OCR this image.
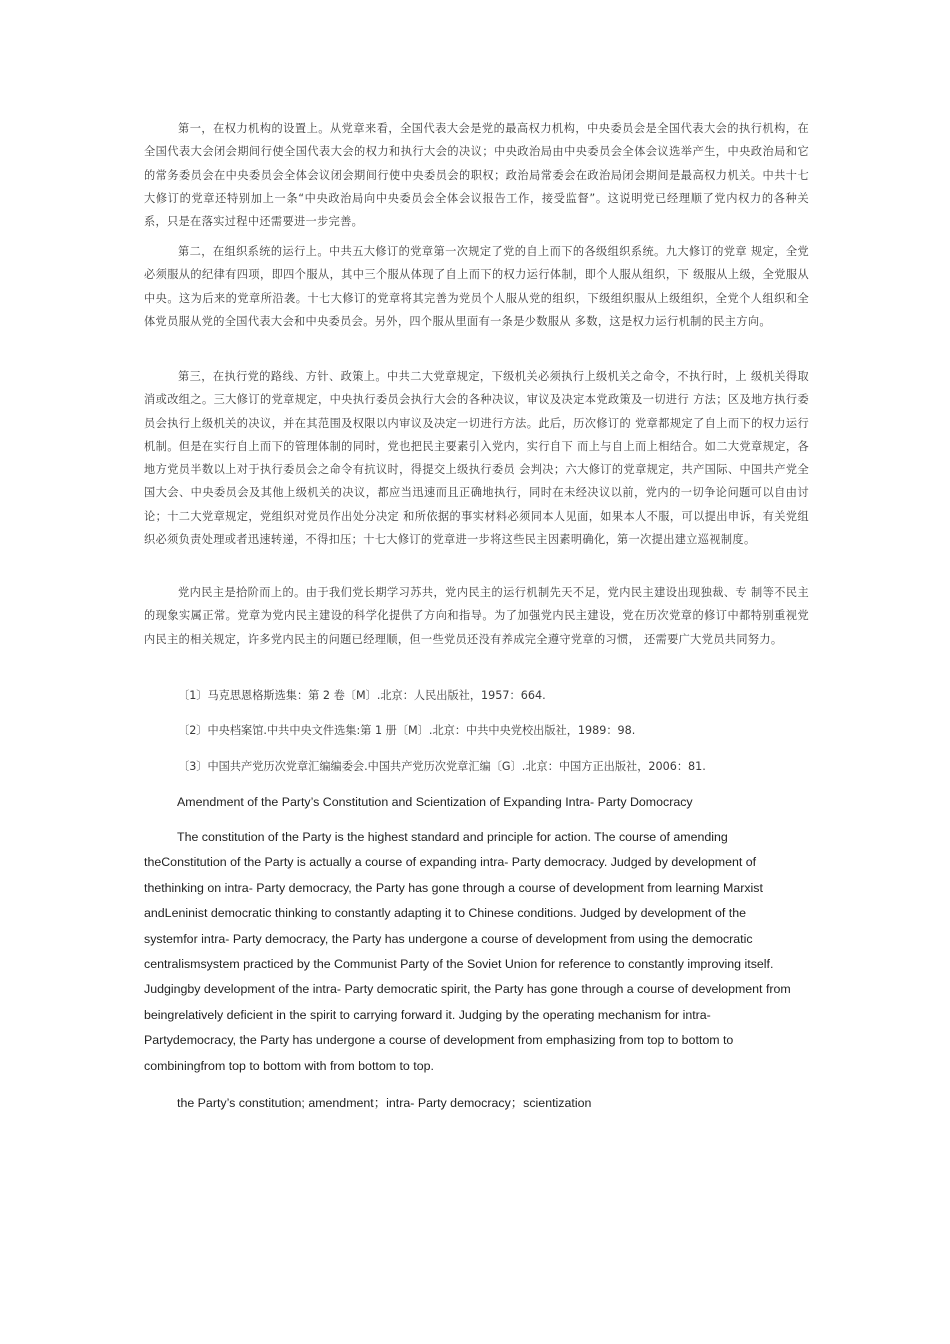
第一，在权力机构的设置上。从党章来看，全国代表大会是党的最高权力机构，中央委员会是全国代表大会的执行机构，在全国代表大会闭会期间行使全国代表大会的权力和执行大会的决议；中央政治局由中央委员会全体会议选举产生，中央政治局和它的常务委员会在中央委员会全体会议闭会期间行使中央委员会的职权；政治局常委会在政治局闭会期间是最高权力机关。中共十七大修订的党章还特别加上一条“中央政治局向中央委员会全体会议报告工作，接受监督”。这说明党已经理顺了党内权力的各种关系，只是在落实过程中还需要进一步完善。

第二，在组织系统的运行上。中共五大修订的党章第一次规定了党的自上而下的各级组织系统。九大修订的党章 规定，全党必须服从的纪律有四项，即四个服从，其中三个服从体现了自上而下的权力运行体制，即个人服从组织，下 级服从上级，全党服从中央。这为后来的党章所沿袭。十七大修订的党章将其完善为党员个人服从党的组织，下级组织服从上级组织，全党个人组织和全体党员服从党的全国代表大会和中央委员会。另外，四个服从里面有一条是少数服从 多数，这是权力运行机制的民主方向。

第三，在执行党的路线、方针、政策上。中共二大党章规定，下级机关必须执行上级机关之命令，不执行时，上 级机关得取消或改组之。三大修订的党章规定，中央执行委员会执行大会的各种决议，审议及决定本党政策及一切进行 方法；区及地方执行委员会执行上级机关的决议，并在其范围及权限以内审议及决定一切进行方法。此后，历次修订的 党章都规定了自上而下的权力运行机制。但是在实行自上而下的管理体制的同时，党也把民主要素引入党内，实行自下 而上与自上而上相结合。如二大党章规定，各地方党员半数以上对于执行委员会之命令有抗议时，得提交上级执行委员 会判决；六大修订的党章规定，共产国际、中国共产党全国大会、中央委员会及其他上级机关的决议，都应当迅速而且正确地执行，同时在未经决议以前，党内的一切争论问题可以自由讨论；十二大党章规定，党组织对党员作出处分决定 和所依据的事实材料必须同本人见面，如果本人不服，可以提出申诉，有关党组织必须负责处理或者迅速转递，不得扣压；十七大修订的党章进一步将这些民主因素明确化，第一次提出建立巡视制度。

党内民主是拾阶而上的。由于我们党长期学习苏共，党内民主的运行机制先天不足，党内民主建设出现独裁、专 制等不民主的现象实属正常。党章为党内民主建设的科学化提供了方向和指导。为了加强党内民主建设，党在历次党章的修订中都特别重视党内民主的相关规定，许多党内民主的问题已经理顺，但一些党员还没有养成完全遵守党章的习惯， 还需要广大党员共同努力。

〔1〕马克思恩格斯选集：第 2 卷〔M〕.北京：人民出版社，1957：664.

〔2〕中央档案馆.中共中央文件选集:第 1 册〔M〕.北京：中共中央党校出版社，1989：98.

〔3〕中国共产党历次党章汇编编委会.中国共产党历次党章汇编〔G〕.北京：中国方正出版社，2006：81.

Amendment of the Party’s Constitution and Scientization of Expanding Intra- Party Domocracy

The constitution of the Party is the highest standard and principle for action. The course of amending
theConstitution of the Party is actually a course of expanding intra- Party democracy. Judged by development of
thethinking on intra- Party democracy, the Party has gone through a course of development from learning Marxist
andLeninist democratic thinking to constantly adapting it to Chinese conditions. Judged by development of the
systemfor intra- Party democracy, the Party has undergone a course of development from using the democratic
centralismsystem practiced by the Communist Party of the Soviet Union for reference to constantly improving itself.
Judgingby development of the intra- Party democratic spirit, the Party has gone through a course of development from
beingrelatively deficient in the spirit to carrying forward it. Judging by the operating mechanism for intra-
Partydemocracy, the Party has undergone a course of development from emphasizing from top to bottom to
combiningfrom top to bottom with from bottom to top.

the Party’s constitution; amendment；intra- Party democracy；scientization
